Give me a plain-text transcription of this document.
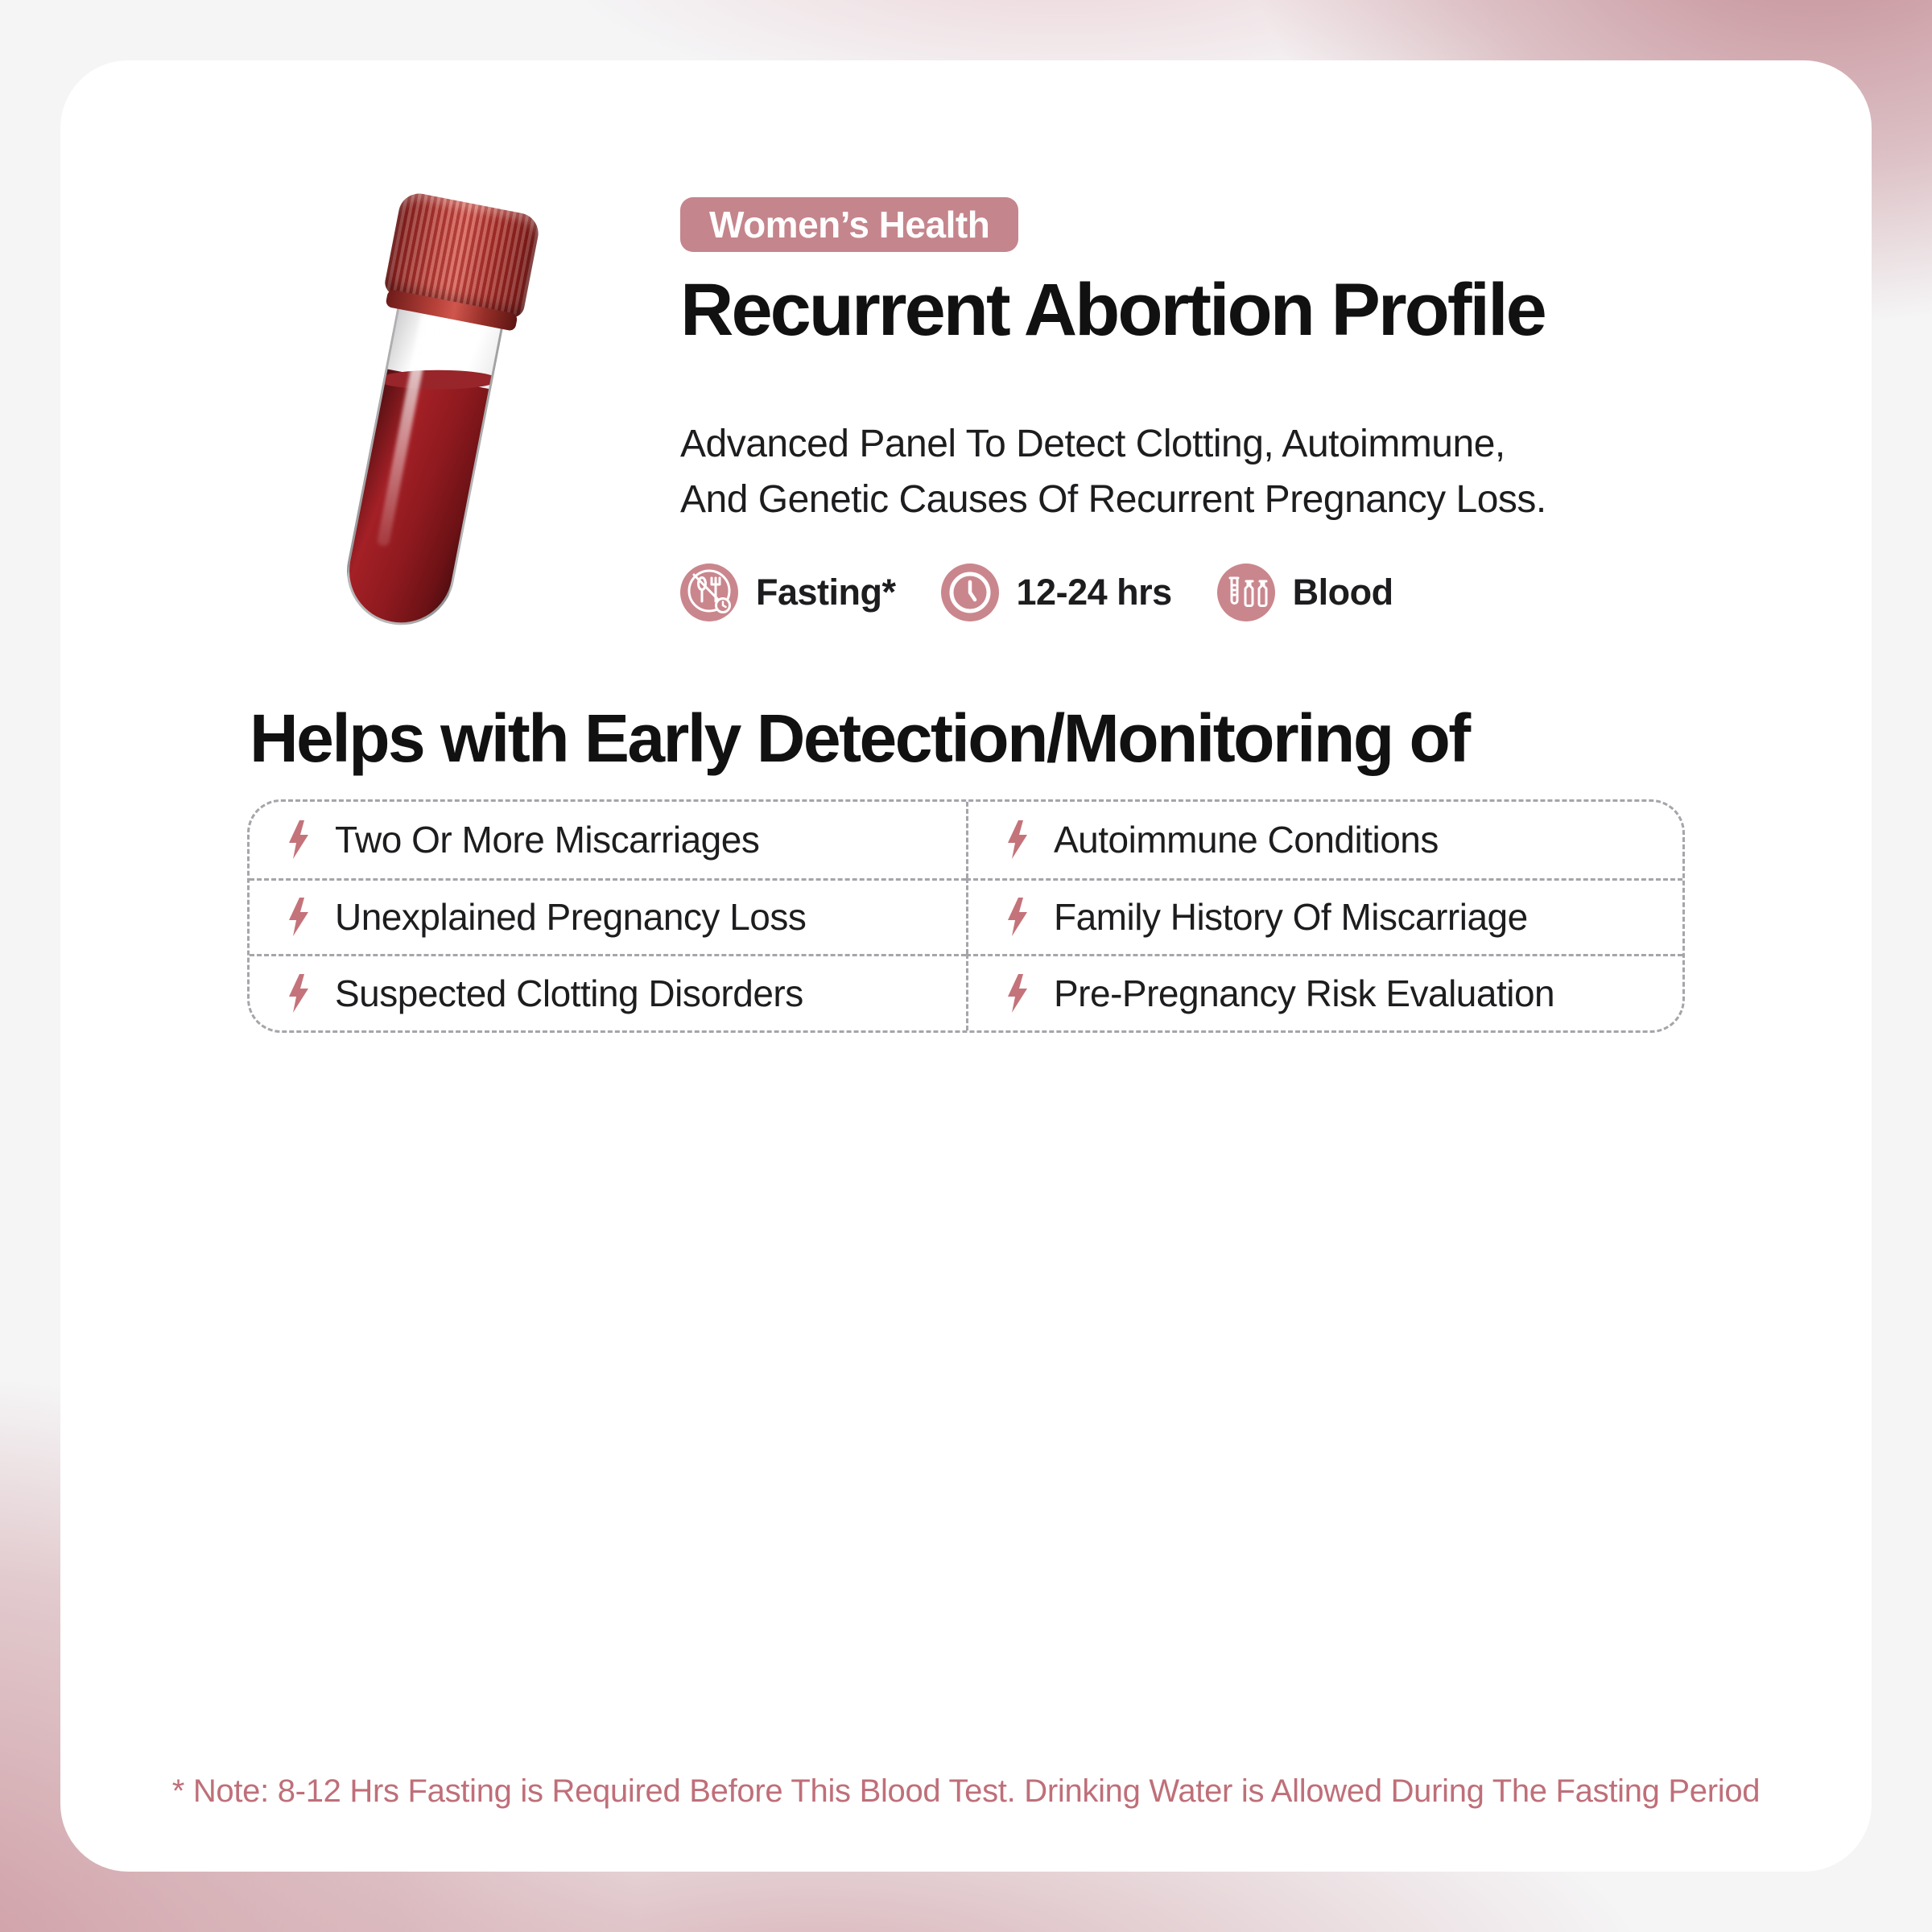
Women’s Health
Recurrent Abortion Profile

Advanced Panel To Detect Clotting, Autoimmune,
And Genetic Causes Of Recurrent Pregnancy Loss.

Fasting*	12-24 hrs	Blood
Helps with Early Detection/Monitoring of
Two Or More Miscarriages	Autoimmune Conditions
Unexplained Pregnancy Loss	Family History Of Miscarriage
Suspected Clotting Disorders	Pre-Pregnancy Risk Evaluation
* Note: 8-12 Hrs Fasting is Required Before This Blood Test. Drinking Water is Allowed During The Fasting Period
